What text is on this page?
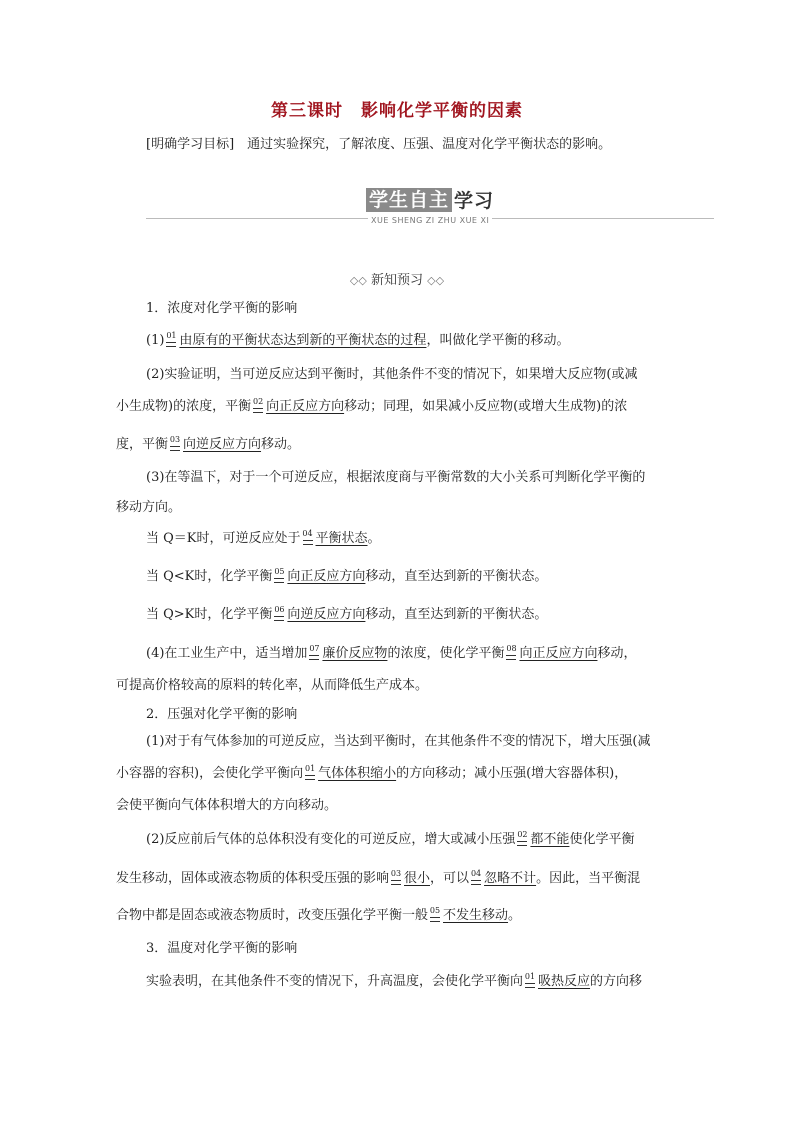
第三课时　影响化学平衡的因素
[明确学习目标]　通过实验探究，了解浓度、压强、温度对化学平衡状态的影响。
学生自主 学习
XUE SHENG ZI ZHU XUE XI
◇◇ 新知预习 ◇◇
1．浓度对化学平衡的影响
(1) 01 由原有的平衡状态达到新的平衡状态的过程，叫做化学平衡的移动。
(2)实验证明，当可逆反应达到平衡时，其他条件不变的情况下，如果增大反应物(或减
小生成物)的浓度，平衡 02 向正反应方向移动；同理，如果减小反应物(或增大生成物)的浓
度，平衡 03 向逆反应方向移动。
(3)在等温下，对于一个可逆反应，根据浓度商与平衡常数的大小关系可判断化学平衡的
移动方向。
当 Q＝K时，可逆反应处于 04 平衡状态。
当 Q<K时，化学平衡 05 向正反应方向移动，直至达到新的平衡状态。
当 Q>K时，化学平衡 06 向逆反应方向移动，直至达到新的平衡状态。
(4)在工业生产中，适当增加 07 廉价反应物的浓度，使化学平衡 08 向正反应方向移动，
可提高价格较高的原料的转化率，从而降低生产成本。
2．压强对化学平衡的影响
(1)对于有气体参加的可逆反应，当达到平衡时，在其他条件不变的情况下，增大压强(减
小容器的容积)，会使化学平衡向 01 气体体积缩小的方向移动；减小压强(增大容器体积)，
会使平衡向气体体积增大的方向移动。
(2)反应前后气体的总体积没有变化的可逆反应，增大或减小压强 02 都不能使化学平衡
发生移动，固体或液态物质的体积受压强的影响 03 很小，可以 04 忽略不计。因此，当平衡混
合物中都是固态或液态物质时，改变压强化学平衡一般 05 不发生移动。
3．温度对化学平衡的影响
实验表明，在其他条件不变的情况下，升高温度，会使化学平衡向 01 吸热反应的方向移
